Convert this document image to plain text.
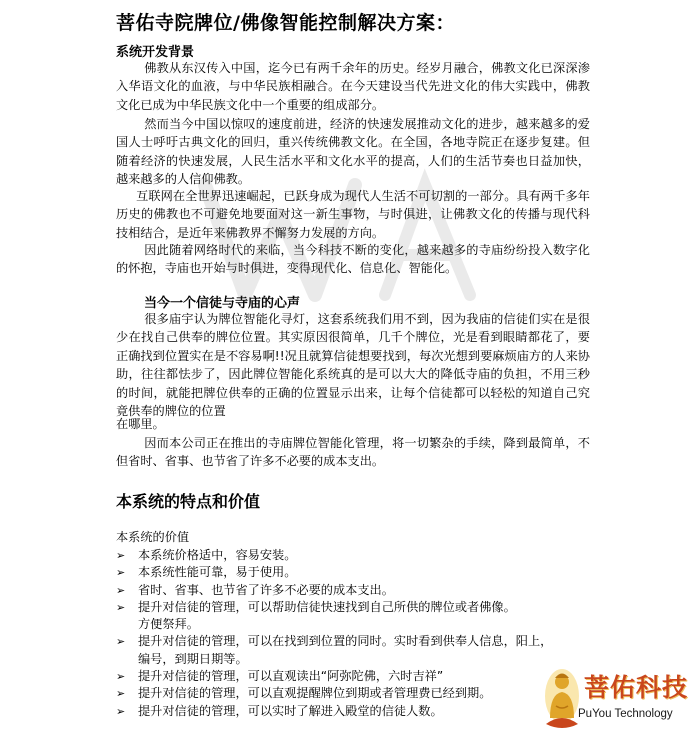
菩佑寺院牌位/佛像智能控制解决方案：
系统开发背景

佛教从东汉传入中国，迄今已有两千余年的历史。经岁月融合，佛教文化已深深渗入华语文化的血液，与中华民族相融合。在今天建设当代先进文化的伟大实践中，佛教文化已成为中华民族文化中一个重要的组成部分。

然而当今中国以惊叹的速度前进，经济的快速发展推动文化的进步，越来越多的爱国人士呼吁古典文化的回归，重兴传统佛教文化。在全国，各地寺院正在逐步复建。但随着经济的快速发展，人民生活水平和文化水平的提高，人们的生活节奏也日益加快，越来越多的人信仰佛教。

互联网在全世界迅速崛起，已跃身成为现代人生活不可切割的一部分。具有两千多年历史的佛教也不可避免地要面对这一新生事物，与时俱进，让佛教文化的传播与现代科技相结合，是近年来佛教界不懈努力发展的方向。

因此随着网络时代的来临，当今科技不断的变化，越来越多的寺庙纷纷投入数字化的怀抱，寺庙也开始与时俱进，变得现代化、信息化、智能化。

当今一个信徒与寺庙的心声

很多庙宇认为牌位智能化寻灯，这套系统我们用不到，因为我庙的信徒们实在是很少在找自己供奉的牌位位置。其实原因很简单，几千个牌位，光是看到眼睛都花了，要正确找到位置实在是不容易啊!!况且就算信徒想要找到，每次光想到要麻烦庙方的人来协助，往往都怯步了，因此牌位智能化系统真的是可以大大的降低寺庙的负担，不用三秒的时间，就能把牌位供奉的正确的位置显示出来，让每个信徒都可以轻松的知道自己究竟供奉的牌位的位置

在哪里。

因而本公司正在推出的寺庙牌位智能化管理，将一切繁杂的手续，降到最简单，不但省时、省事、也节省了许多不必要的成本支出。

本系统的特点和价值
本系统的价值
➢ 本系统价格适中，容易安装。
➢ 本系统性能可靠，易于使用。
➢ 省时、省事、也节省了许多不必要的成本支出。
➢ 提升对信徒的管理，可以帮助信徒快速找到自己所供的牌位或者佛像。
方便祭拜。
➢ 提升对信徒的管理，可以在找到到位置的同时。实时看到供奉人信息，阳上，
编号，到期日期等。
➢ 提升对信徒的管理，可以直观读出“阿弥陀佛，六时吉祥”
➢ 提升对信徒的管理，可以直观提醒牌位到期或者管理费已经到期。
➢ 提升对信徒的管理，可以实时了解进入殿堂的信徒人数。
菩佑科技
PuYou Technology
